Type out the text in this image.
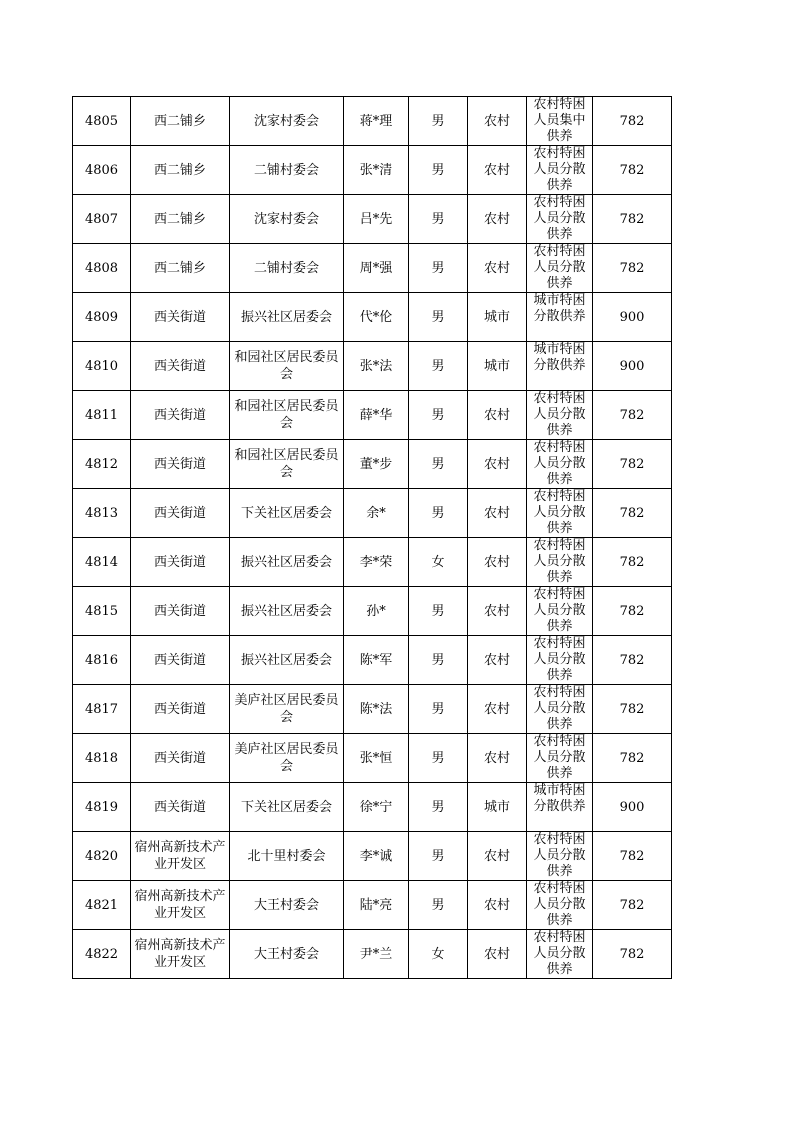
4805	西二铺乡	沈家村委会	蒋*理	男	农村	农村特困人员集中供养	782

4806	西二铺乡	二铺村委会	张*清	男	农村	农村特困人员分散供养	782

4807	西二铺乡	沈家村委会	吕*先	男	农村	农村特困人员分散供养	782

4808	西二铺乡	二铺村委会	周*强	男	农村	农村特困人员分散供养	782

4809	西关街道	振兴社区居委会	代*伦	男	城市	城市特困分散供养	900

4810	西关街道	和园社区居民委员会	张*法	男	城市	城市特困分散供养	900

4811	西关街道	和园社区居民委员会	薛*华	男	农村	农村特困人员分散供养	782

4812	西关街道	和园社区居民委员会	董*步	男	农村	农村特困人员分散供养	782

4813	西关街道	下关社区居委会	余*	男	农村	农村特困人员分散供养	782

4814	西关街道	振兴社区居委会	李*荣	女	农村	农村特困人员分散供养	782

4815	西关街道	振兴社区居委会	孙*	男	农村	农村特困人员分散供养	782

4816	西关街道	振兴社区居委会	陈*军	男	农村	农村特困人员分散供养	782

4817	西关街道	美庐社区居民委员会	陈*法	男	农村	农村特困人员分散供养	782

4818	西关街道	美庐社区居民委员会	张*恒	男	农村	农村特困人员分散供养	782

4819	西关街道	下关社区居委会	徐*宁	男	城市	城市特困分散供养	900

4820	宿州高新技术产业开发区	北十里村委会	李*诚	男	农村	农村特困人员分散供养	782

4821	宿州高新技术产业开发区	大王村委会	陆*亮	男	农村	农村特困人员分散供养	782

4822	宿州高新技术产业开发区	大王村委会	尹*兰	女	农村	农村特困人员分散供养	782
